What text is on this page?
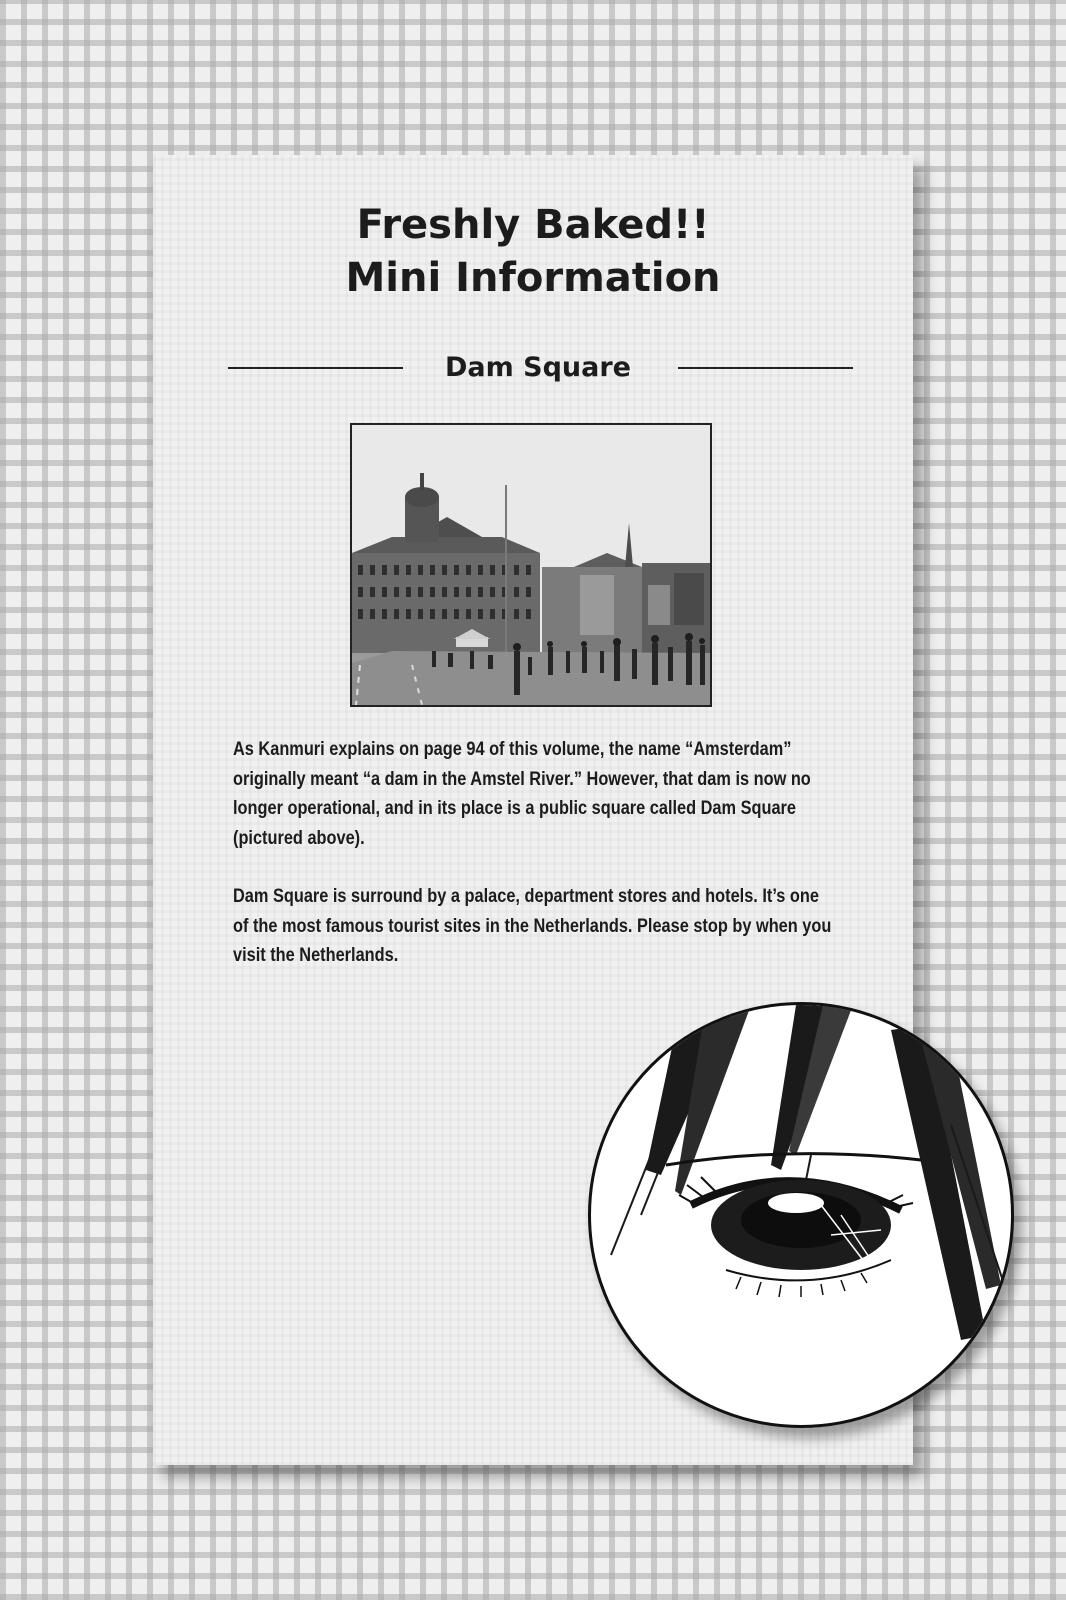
Freshly Baked!!
Mini Information
Dam Square

As Kanmuri explains on page 94 of this volume, the name “Amsterdam” originally meant “a dam in the Amstel River.” However, that dam is now no longer operational, and in its place is a public square called Dam Square (pictured above).

Dam Square is surround by a palace, department stores and hotels. It’s one of the most famous tourist sites in the Netherlands. Please stop by when you visit the Netherlands.
